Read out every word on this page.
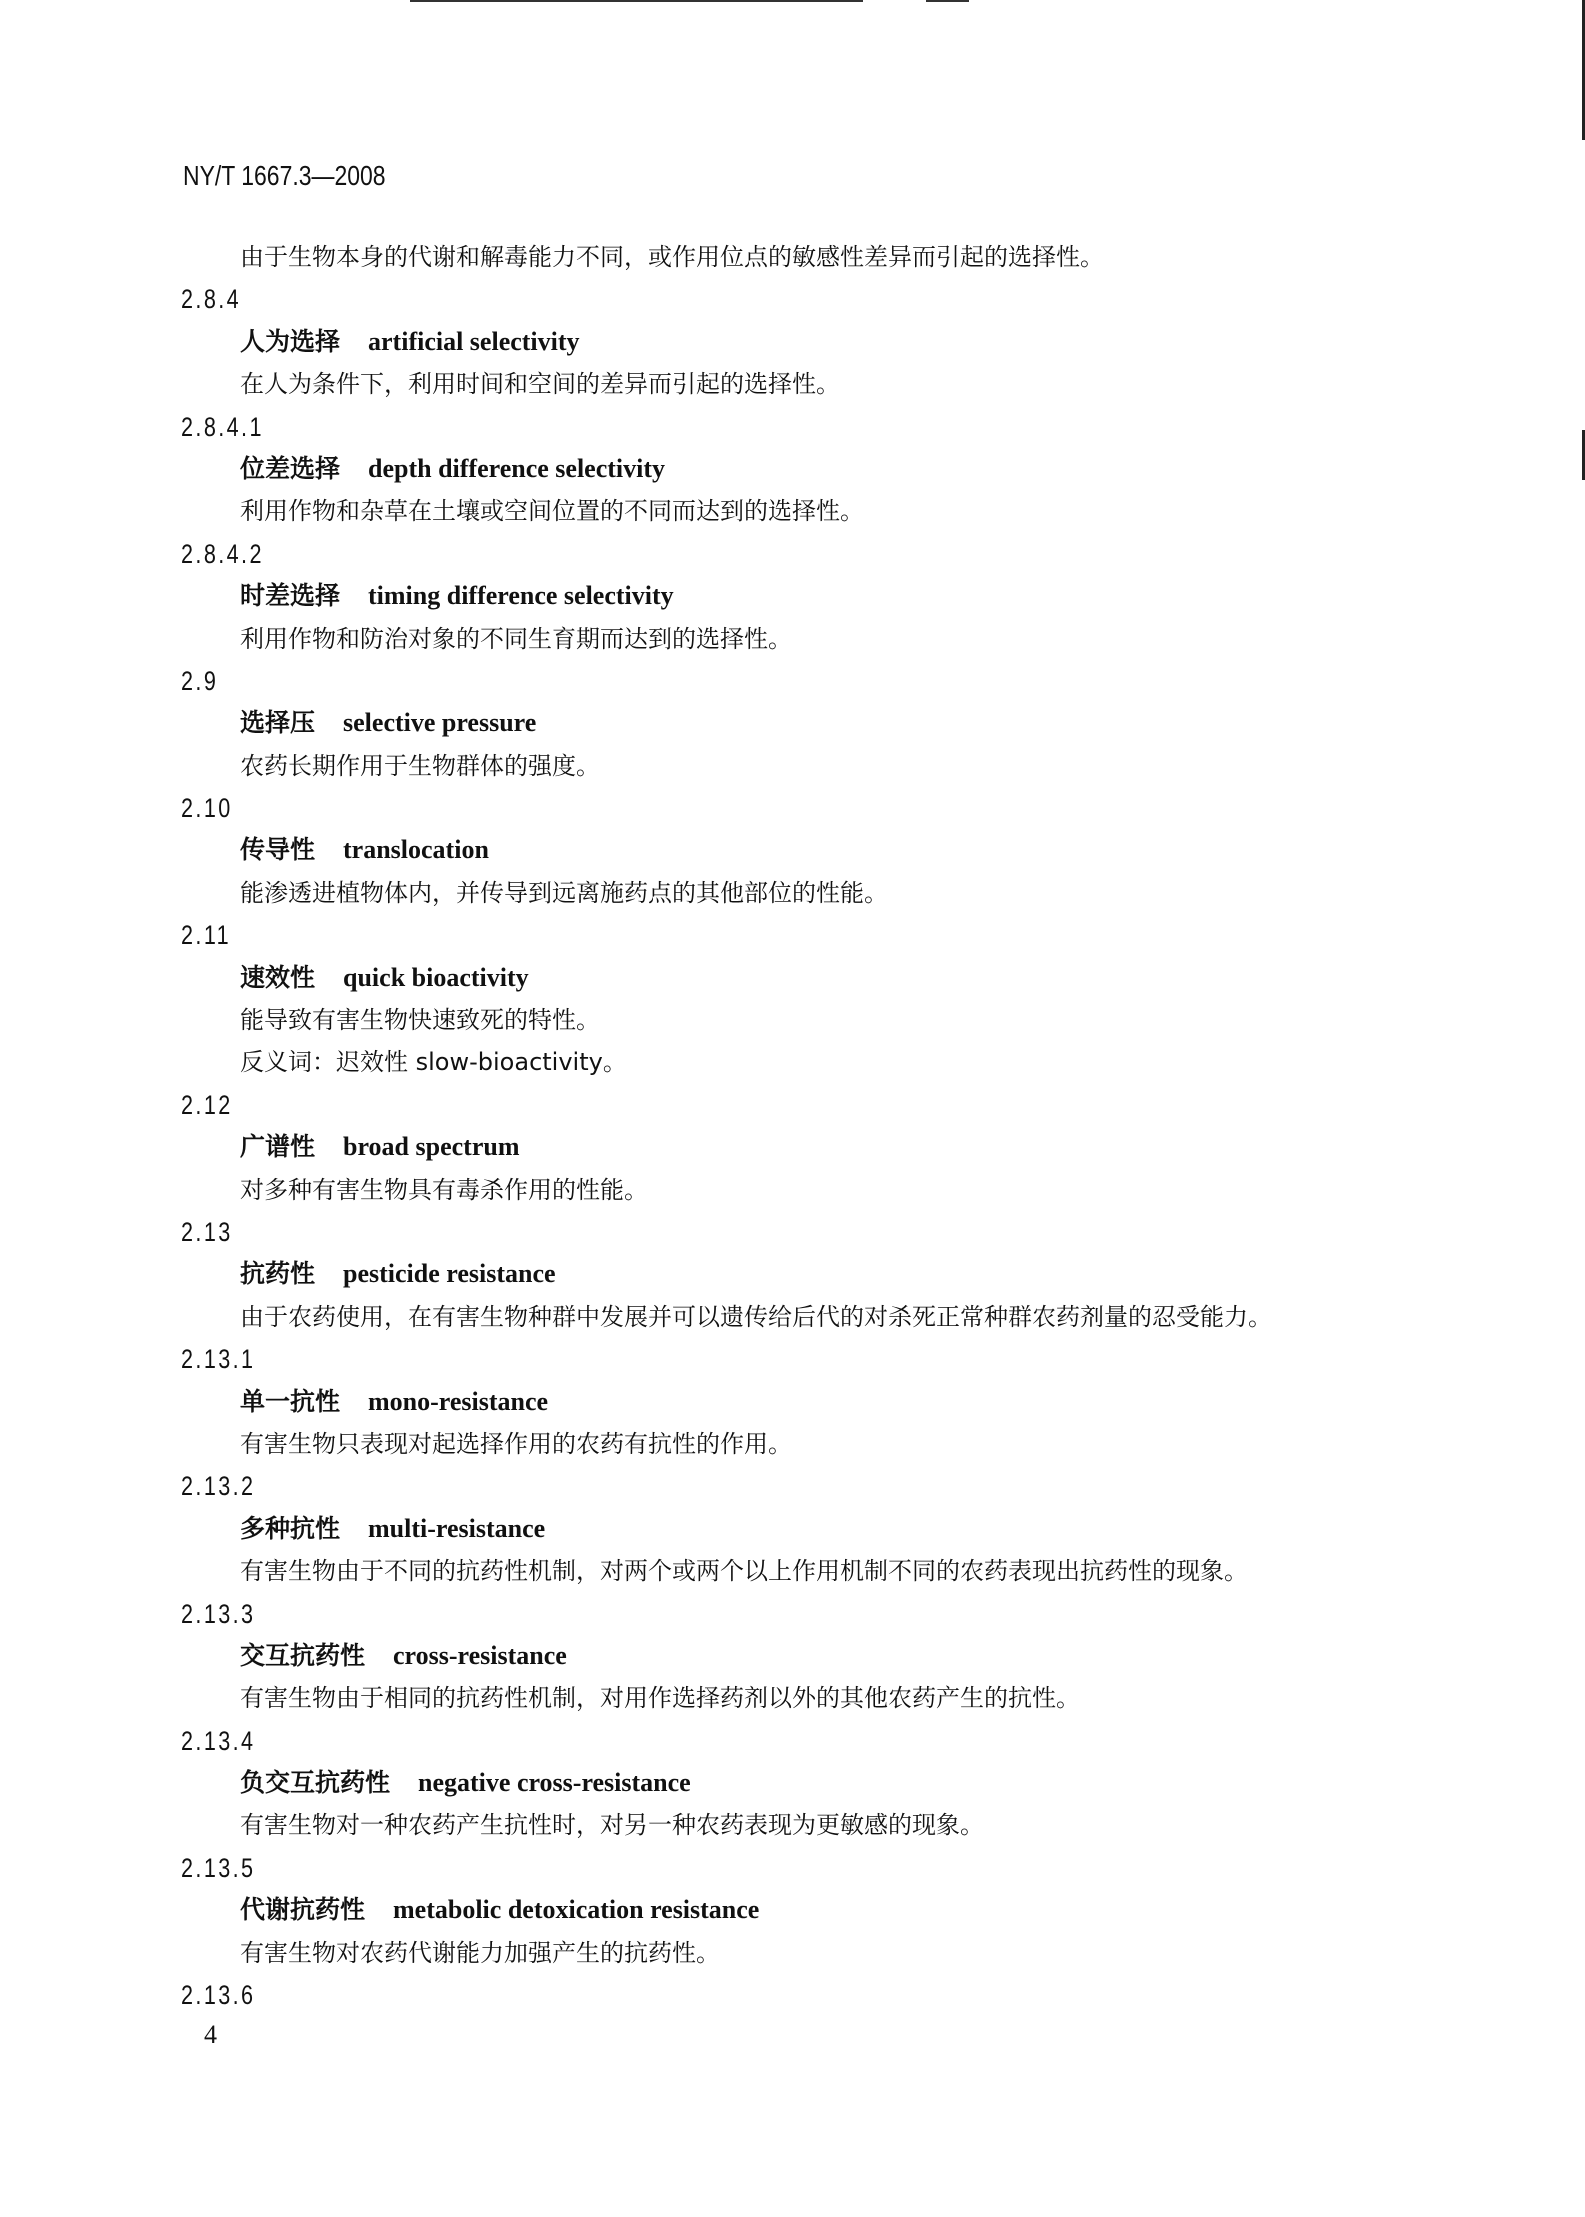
NY/T 1667.3—2008
由于生物本身的代谢和解毒能力不同，或作用位点的敏感性差异而引起的选择性。
2.8.4
人为选择 artificial selectivity
在人为条件下，利用时间和空间的差异而引起的选择性。
2.8.4.1
位差选择 depth difference selectivity
利用作物和杂草在土壤或空间位置的不同而达到的选择性。
2.8.4.2
时差选择 timing difference selectivity
利用作物和防治对象的不同生育期而达到的选择性。
2.9
选择压 selective pressure
农药长期作用于生物群体的强度。
2.10
传导性 translocation
能渗透进植物体内，并传导到远离施药点的其他部位的性能。
2.11
速效性 quick bioactivity
能导致有害生物快速致死的特性。
反义词：迟效性 slow-bioactivity。
2.12
广谱性 broad spectrum
对多种有害生物具有毒杀作用的性能。
2.13
抗药性 pesticide resistance
由于农药使用，在有害生物种群中发展并可以遗传给后代的对杀死正常种群农药剂量的忍受能力。
2.13.1
单一抗性 mono-resistance
有害生物只表现对起选择作用的农药有抗性的作用。
2.13.2
多种抗性 multi-resistance
有害生物由于不同的抗药性机制，对两个或两个以上作用机制不同的农药表现出抗药性的现象。
2.13.3
交互抗药性 cross-resistance
有害生物由于相同的抗药性机制，对用作选择药剂以外的其他农药产生的抗性。
2.13.4
负交互抗药性 negative cross-resistance
有害生物对一种农药产生抗性时，对另一种农药表现为更敏感的现象。
2.13.5
代谢抗药性 metabolic detoxication resistance
有害生物对农药代谢能力加强产生的抗药性。
2.13.6
4
